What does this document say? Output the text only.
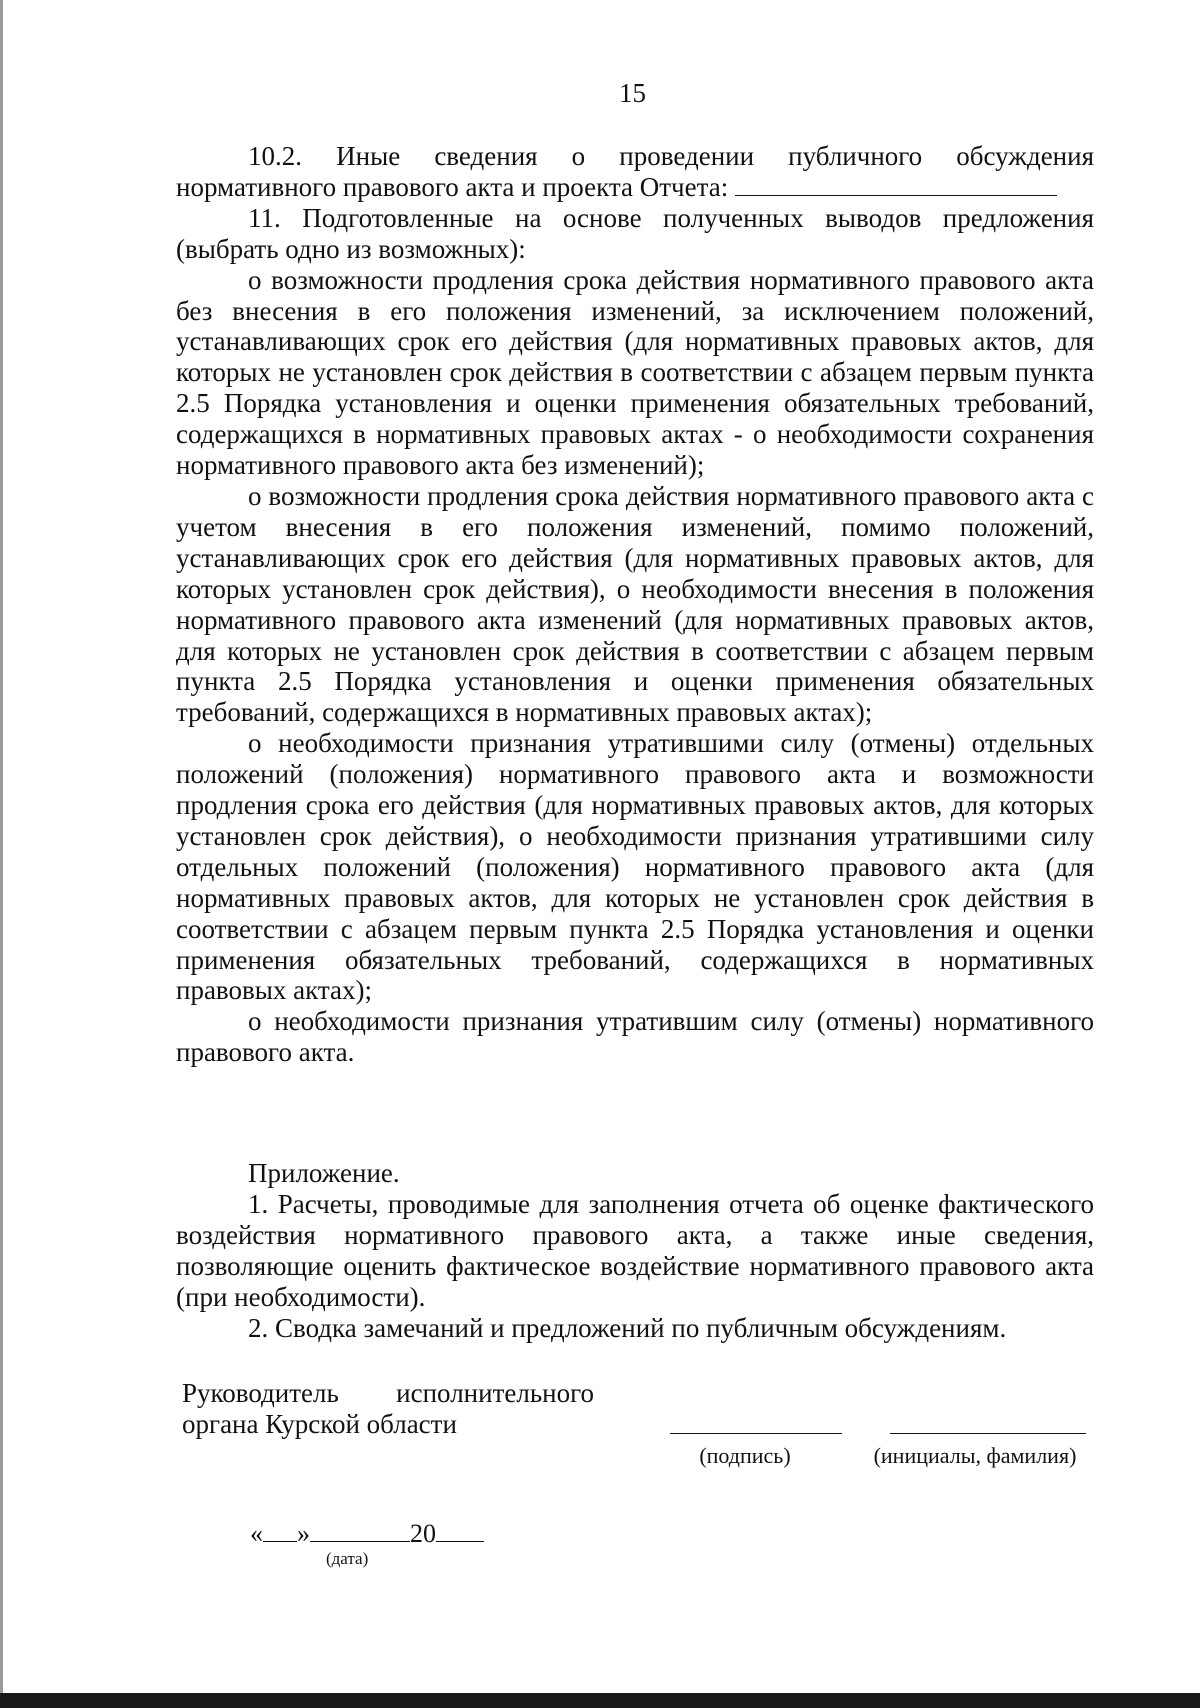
15

10.2. Иные сведения о проведении публичного обсуждения нормативного правового акта и проекта Отчета:

11. Подготовленные на основе полученных выводов предложения (выбрать одно из возможных):

о возможности продления срока действия нормативного правового акта без внесения в его положения изменений, за исключением положений, устанавливающих срок его действия (для нормативных правовых актов, для которых не установлен срок действия в соответствии с абзацем первым пункта 2.5 Порядка установления и оценки применения обязательных требований, содержащихся в нормативных правовых актах - о необходимости сохранения нормативного правового акта без изменений);

о возможности продления срока действия нормативного правового акта с учетом внесения в его положения изменений, помимо положений, устанавливающих срок его действия (для нормативных правовых актов, для которых установлен срок действия), о необходимости внесения в положения нормативного правового акта изменений (для нормативных правовых актов, для которых не установлен срок действия в соответствии с абзацем первым пункта 2.5 Порядка установления и оценки применения обязательных требований, содержащихся в нормативных правовых актах);

о необходимости признания утратившими силу (отмены) отдельных положений (положения) нормативного правового акта и возможности продления срока его действия (для нормативных правовых актов, для которых установлен срок действия), о необходимости признания утратившими силу отдельных положений (положения) нормативного правового акта (для нормативных правовых актов, для которых не установлен срок действия в соответствии с абзацем первым пункта 2.5 Порядка установления и оценки применения обязательных требований, содержащихся в нормативных правовых актах);

о необходимости признания утратившим силу (отмены) нормативного правового акта.

Приложение.

1. Расчеты, проводимые для заполнения отчета об оценке фактического воздействия нормативного правового акта, а также иные сведения, позволяющие оценить фактическое воздействие нормативного правового акта (при необходимости).

2. Сводка замечаний и предложений по публичным обсуждениям.

Руководитель исполнительного
органа Курской области
(подпись)	(инициалы, фамилия)
« »	20
(дата)
